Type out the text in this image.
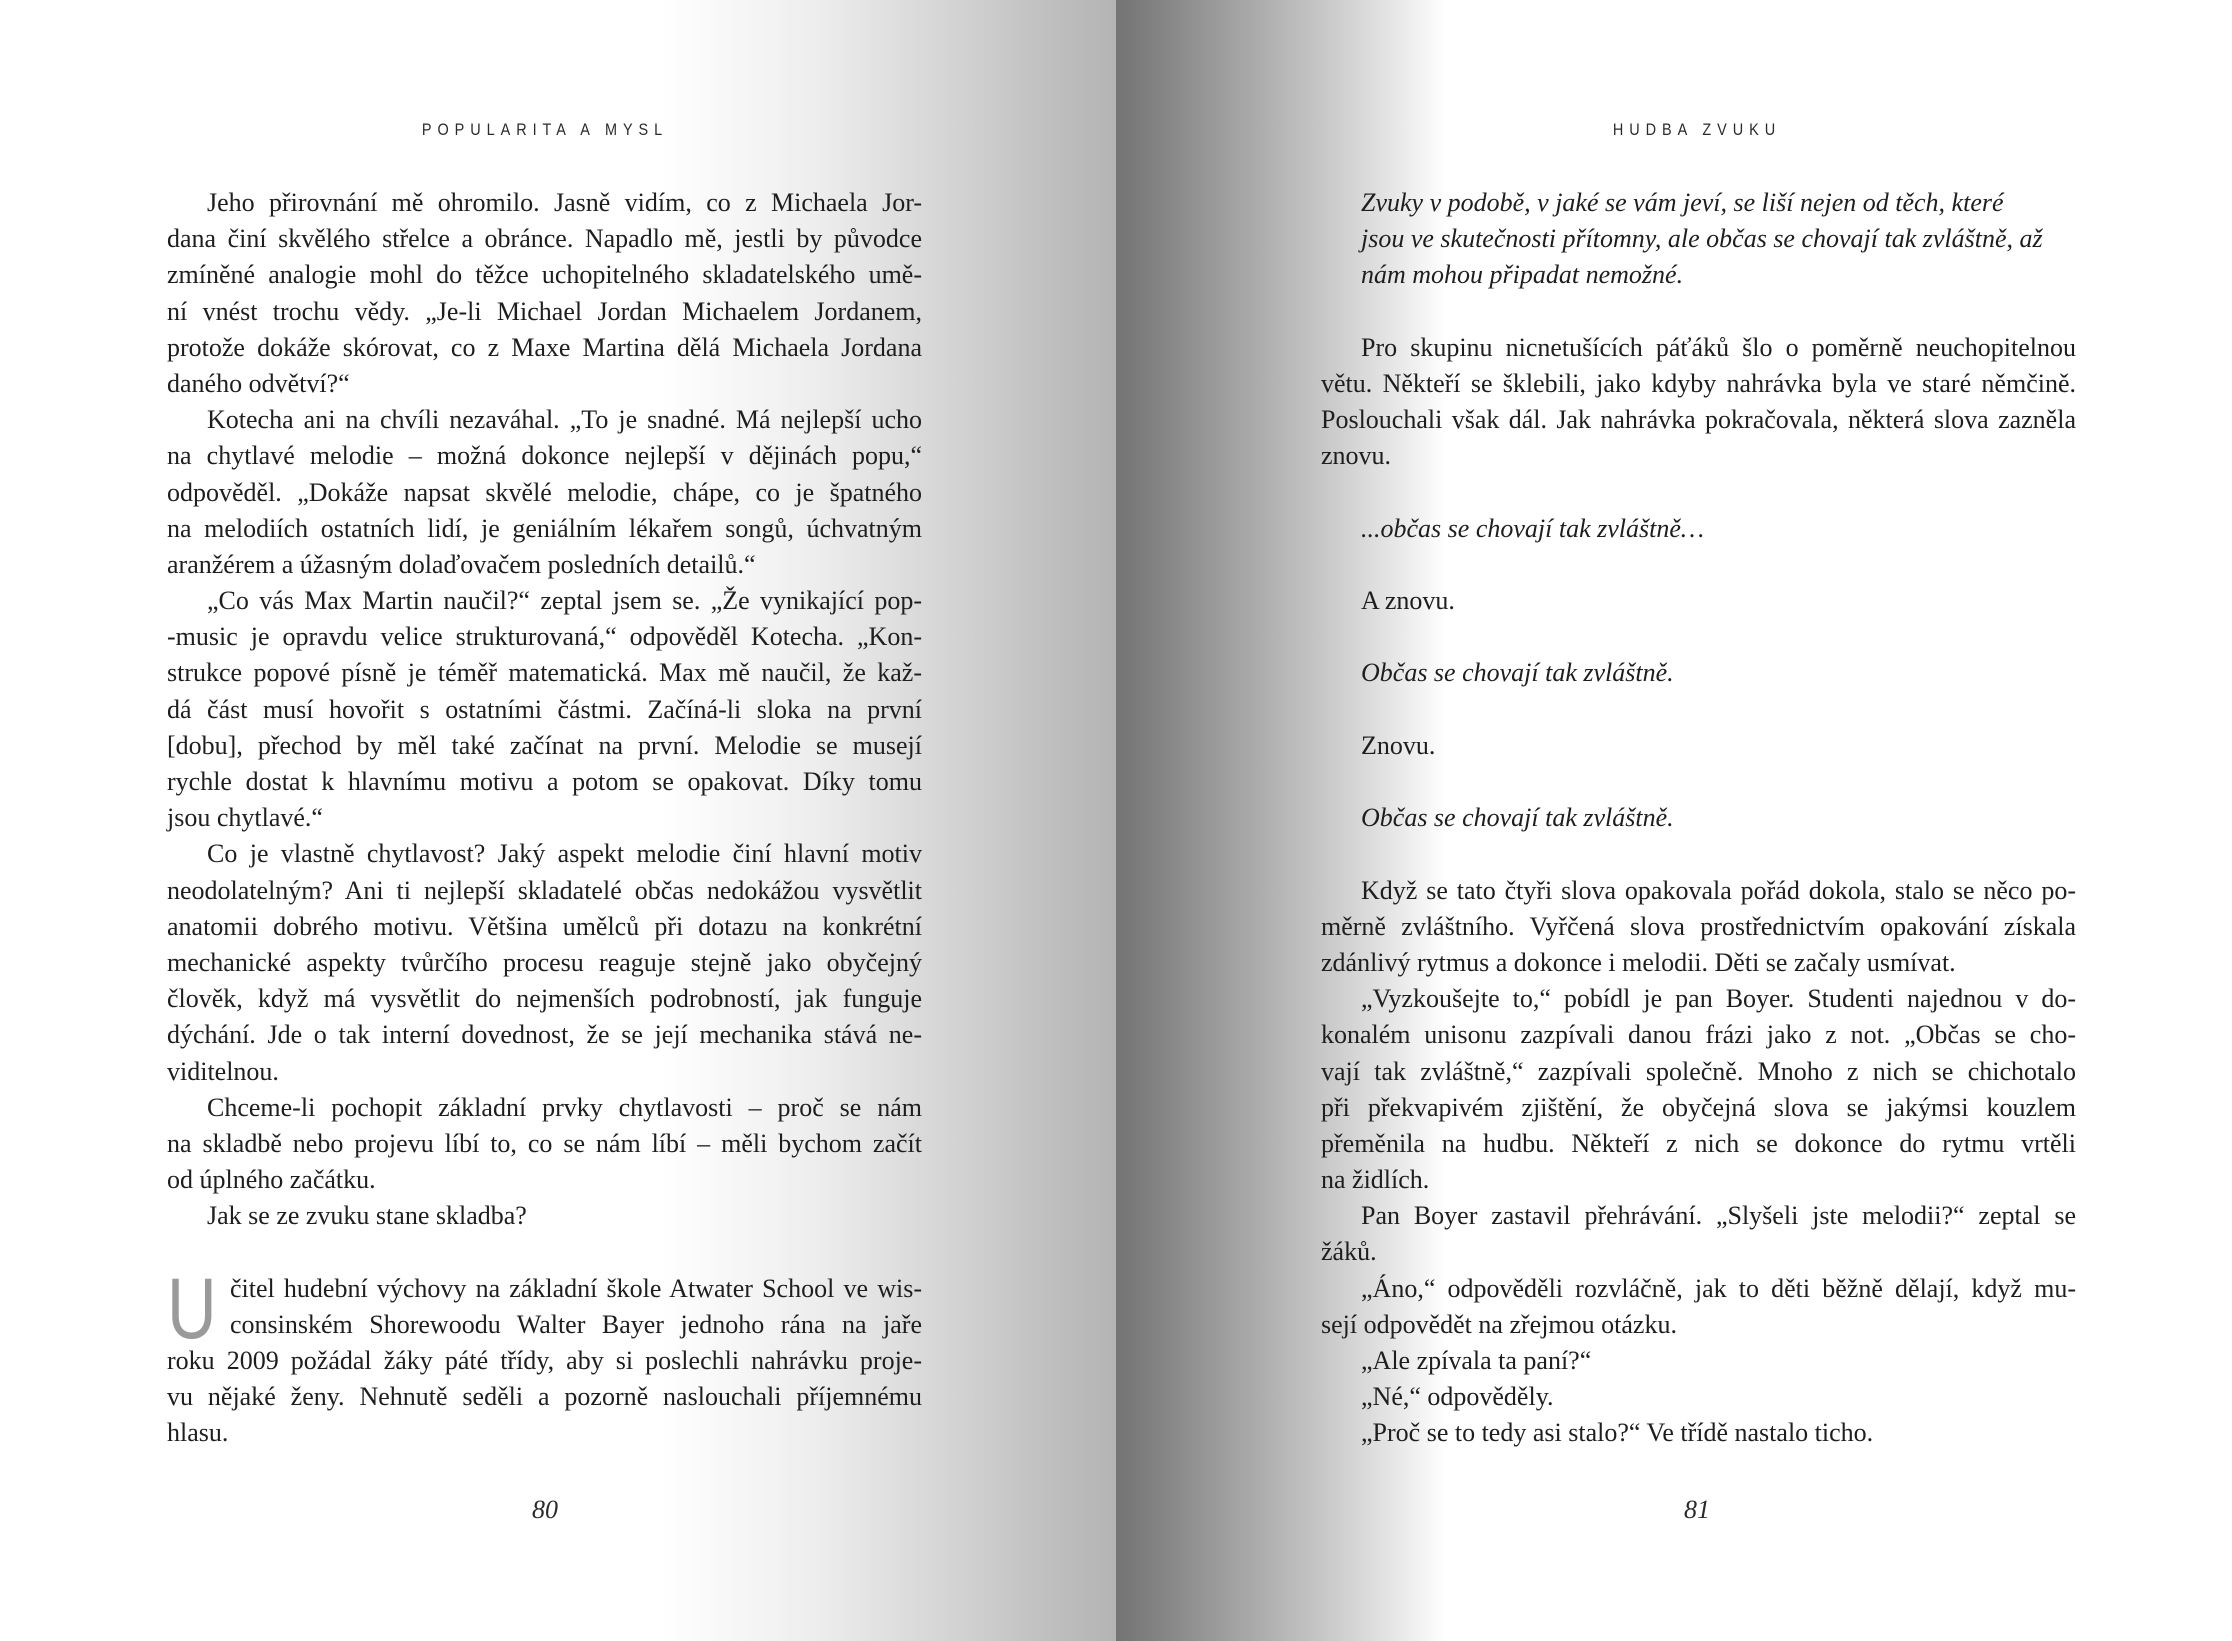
POPULARITA A MYSL
Jeho přirovnání mě ohromilo. Jasně vidím, co z Michaela Jor-
dana činí skvělého střelce a obránce. Napadlo mě, jestli by původce
zmíněné analogie mohl do těžce uchopitelného skladatelského umě-
ní vnést trochu vědy. „Je-li Michael Jordan Michaelem Jordanem,
protože dokáže skórovat, co z Maxe Martina dělá Michaela Jordana
daného odvětví?“
Kotecha ani na chvíli nezaváhal. „To je snadné. Má nejlepší ucho
na chytlavé melodie – možná dokonce nejlepší v dějinách popu,“
odpověděl. „Dokáže napsat skvělé melodie, chápe, co je špatného
na melodiích ostatních lidí, je geniálním lékařem songů, úchvatným
aranžérem a úžasným dolaďovačem posledních detailů.“
„Co vás Max Martin naučil?“ zeptal jsem se. „Že vynikající pop-
-music je opravdu velice strukturovaná,“ odpověděl Kotecha. „Kon-
strukce popové písně je téměř matematická. Max mě naučil, že kaž-
dá část musí hovořit s ostatními částmi. Začíná-li sloka na první
[dobu], přechod by měl také začínat na první. Melodie se musejí
rychle dostat k hlavnímu motivu a potom se opakovat. Díky tomu
jsou chytlavé.“
Co je vlastně chytlavost? Jaký aspekt melodie činí hlavní motiv
neodolatelným? Ani ti nejlepší skladatelé občas nedokážou vysvětlit
anatomii dobrého motivu. Většina umělců při dotazu na konkrétní
mechanické aspekty tvůrčího procesu reaguje stejně jako obyčejný
člověk, když má vysvětlit do nejmenších podrobností, jak funguje
dýchání. Jde o tak interní dovednost, že se její mechanika stává ne-
viditelnou.
Chceme-li pochopit základní prvky chytlavosti – proč se nám
na skladbě nebo projevu líbí to, co se nám líbí – měli bychom začít
od úplného začátku.
Jak se ze zvuku stane skladba?
U čitel hudební výchovy na základní škole Atwater School ve wis-
consinském Shorewoodu Walter Bayer jednoho rána na jaře
roku 2009 požádal žáky páté třídy, aby si poslechli nahrávku proje-
vu nějaké ženy. Nehnutě seděli a pozorně naslouchali příjemnému
hlasu.
80
HUDBA ZVUKU
Zvuky v podobě, v jaké se vám jeví, se liší nejen od těch, které
jsou ve skutečnosti přítomny, ale občas se chovají tak zvláštně, až
nám mohou připadat nemožné.
Pro skupinu nicnetušících páťáků šlo o poměrně neuchopitelnou
větu. Někteří se šklebili, jako kdyby nahrávka byla ve staré němčině.
Poslouchali však dál. Jak nahrávka pokračovala, některá slova zazněla
znovu.
...občas se chovají tak zvláštně…
A znovu.
Občas se chovají tak zvláštně.
Znovu.
Občas se chovají tak zvláštně.
Když se tato čtyři slova opakovala pořád dokola, stalo se něco po-
měrně zvláštního. Vyřčená slova prostřednictvím opakování získala
zdánlivý rytmus a dokonce i melodii. Děti se začaly usmívat.
„Vyzkoušejte to,“ pobídl je pan Boyer. Studenti najednou v do-
konalém unisonu zazpívali danou frázi jako z not. „Občas se cho-
vají tak zvláštně,“ zazpívali společně. Mnoho z nich se chichotalo
při překvapivém zjištění, že obyčejná slova se jakýmsi kouzlem
přeměnila na hudbu. Někteří z nich se dokonce do rytmu vrtěli
na židlích.
Pan Boyer zastavil přehrávání. „Slyšeli jste melodii?“ zeptal se
žáků.
„Áno,“ odpověděli rozvláčně, jak to děti běžně dělají, když mu-
sejí odpovědět na zřejmou otázku.
„Ale zpívala ta paní?“
„Né,“ odpověděly.
„Proč se to tedy asi stalo?“ Ve třídě nastalo ticho.
81
